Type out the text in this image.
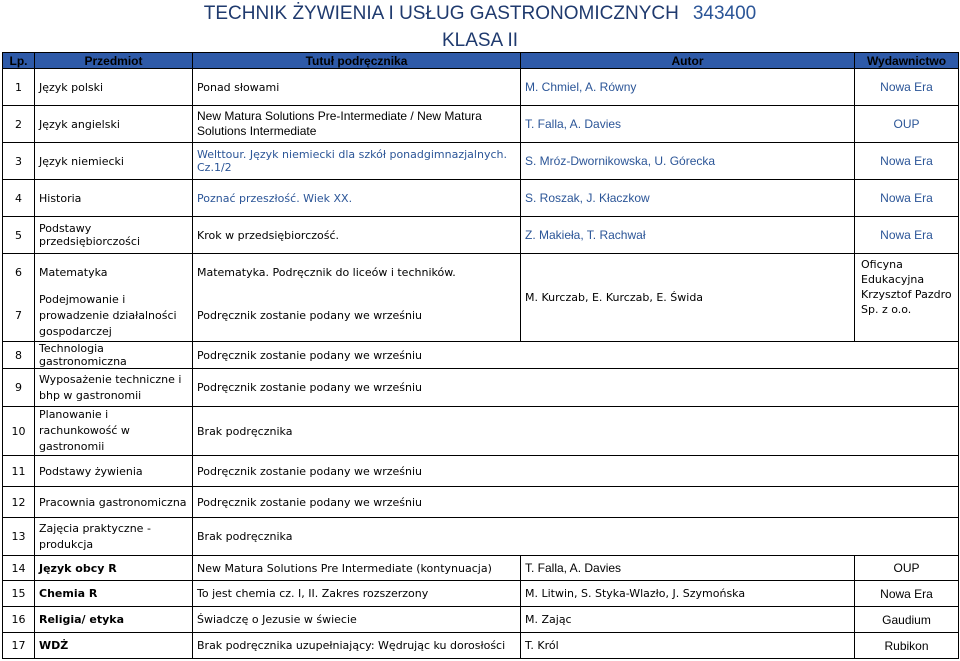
TECHNIK ŻYWIENIA I USŁUG GASTRONOMICZNYCH 343400
KLASA II
Lp.	Przedmiot	Tutuł podręcznika	Autor	Wydawnictwo
1	Język polski	Ponad słowami	M. Chmiel, A. Równy	Nowa Era
2	Język angielski	New Matura Solutions Pre-Intermediate / New Matura Solutions Intermediate	T. Falla, A. Davies	OUP
3	Język niemiecki	Welttour. Język niemiecki dla szkół ponadgimnazjalnych. Cz.1/2	S. Mróz-Dwornikowska, U. Górecka	Nowa Era
4	Historia	Poznać przeszłość. Wiek XX.	S. Roszak, J. Kłaczkow	Nowa Era
5	Podstawy przedsiębiorczości	Krok w przedsiębiorczość.	Z. Makieła, T. Rachwał	Nowa Era
6	Matematyka	Matematyka. Podręcznik do liceów i techników.	M. Kurczab, E. Kurczab, E. Świda	Oficyna Edukacyjna Krzysztof Pazdro Sp. z o.o.
7	Podejmowanie i prowadzenie działalności gospodarczej	Podręcznik zostanie podany we wrześniu		
8	Technologia gastronomiczna	Podręcznik zostanie podany we wrześniu		
9	Wyposażenie techniczne i bhp w gastronomii	Podręcznik zostanie podany we wrześniu		
10	Planowanie i rachunkowość w gastronomii	Brak podręcznika		
11	Podstawy żywienia	Podręcznik zostanie podany we wrześniu		
12	Pracownia gastronomiczna	Podręcznik zostanie podany we wrześniu		
13	Zajęcia praktyczne - produkcja	Brak podręcznika		
14	Język obcy R	New Matura Solutions Pre Intermediate (kontynuacja)	T. Falla, A. Davies	OUP
15	Chemia R	To jest chemia cz. I, II. Zakres rozszerzony	M. Litwin, S. Styka-Wlazło, J. Szymońska	Nowa Era
16	Religia/ etyka	Świadczę o Jezusie w świecie	M. Zając	Gaudium
17	WDŻ	Brak podręcznika uzupełniający: Wędrując ku dorosłości	T. Król	Rubikon
